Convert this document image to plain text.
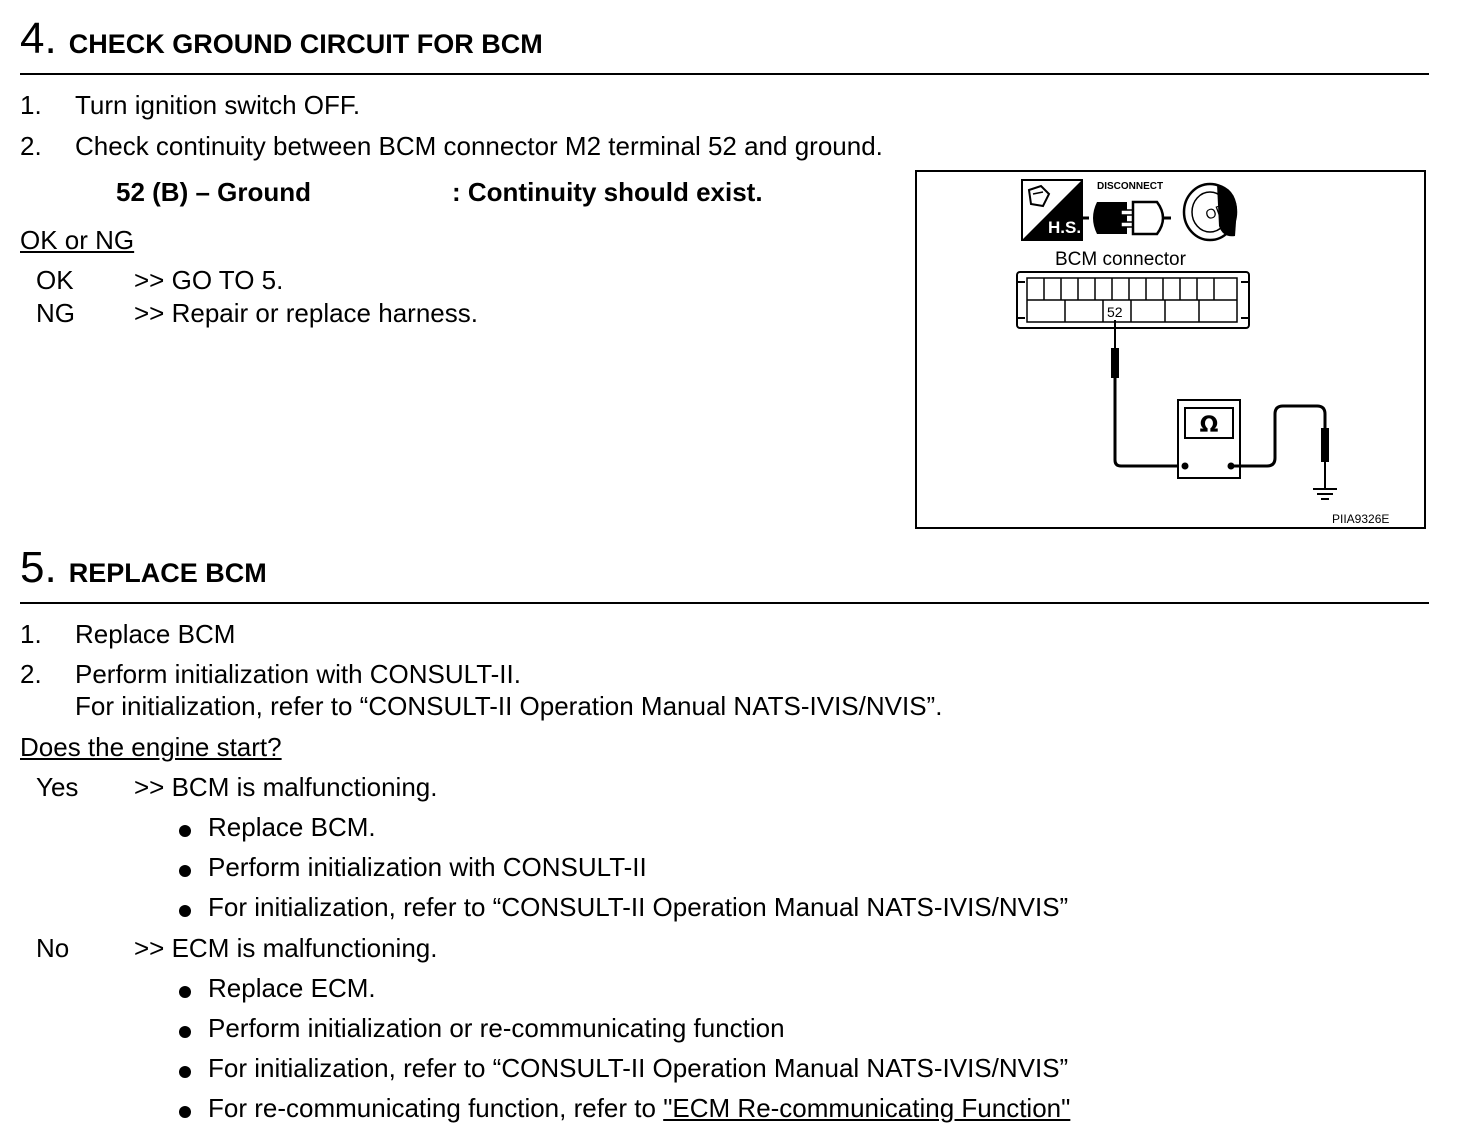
4. CHECK GROUND CIRCUIT FOR BCM
1. Turn ignition switch OFF.
2. Check continuity between BCM connector M2 terminal 52 and ground.
52 (B) – Ground	: Continuity should exist.
OK or NG
OK >> GO TO 5.
NG >> Repair or replace harness.
H.S.
DISCONNECT
OFF
BCM connector
52
Ω
PIIA9326E
5. REPLACE BCM
1. Replace BCM
2. Perform initialization with CONSULT-II.
For initialization, refer to “CONSULT-II Operation Manual NATS-IVIS/NVIS”.
Does the engine start?
Yes >> BCM is malfunctioning.
Replace BCM.
Perform initialization with CONSULT-II
For initialization, refer to “CONSULT-II Operation Manual NATS-IVIS/NVIS”
No >> ECM is malfunctioning.
Replace ECM.
Perform initialization or re-communicating function
For initialization, refer to “CONSULT-II Operation Manual NATS-IVIS/NVIS”
For re-communicating function, refer to "ECM Re-communicating Function"
